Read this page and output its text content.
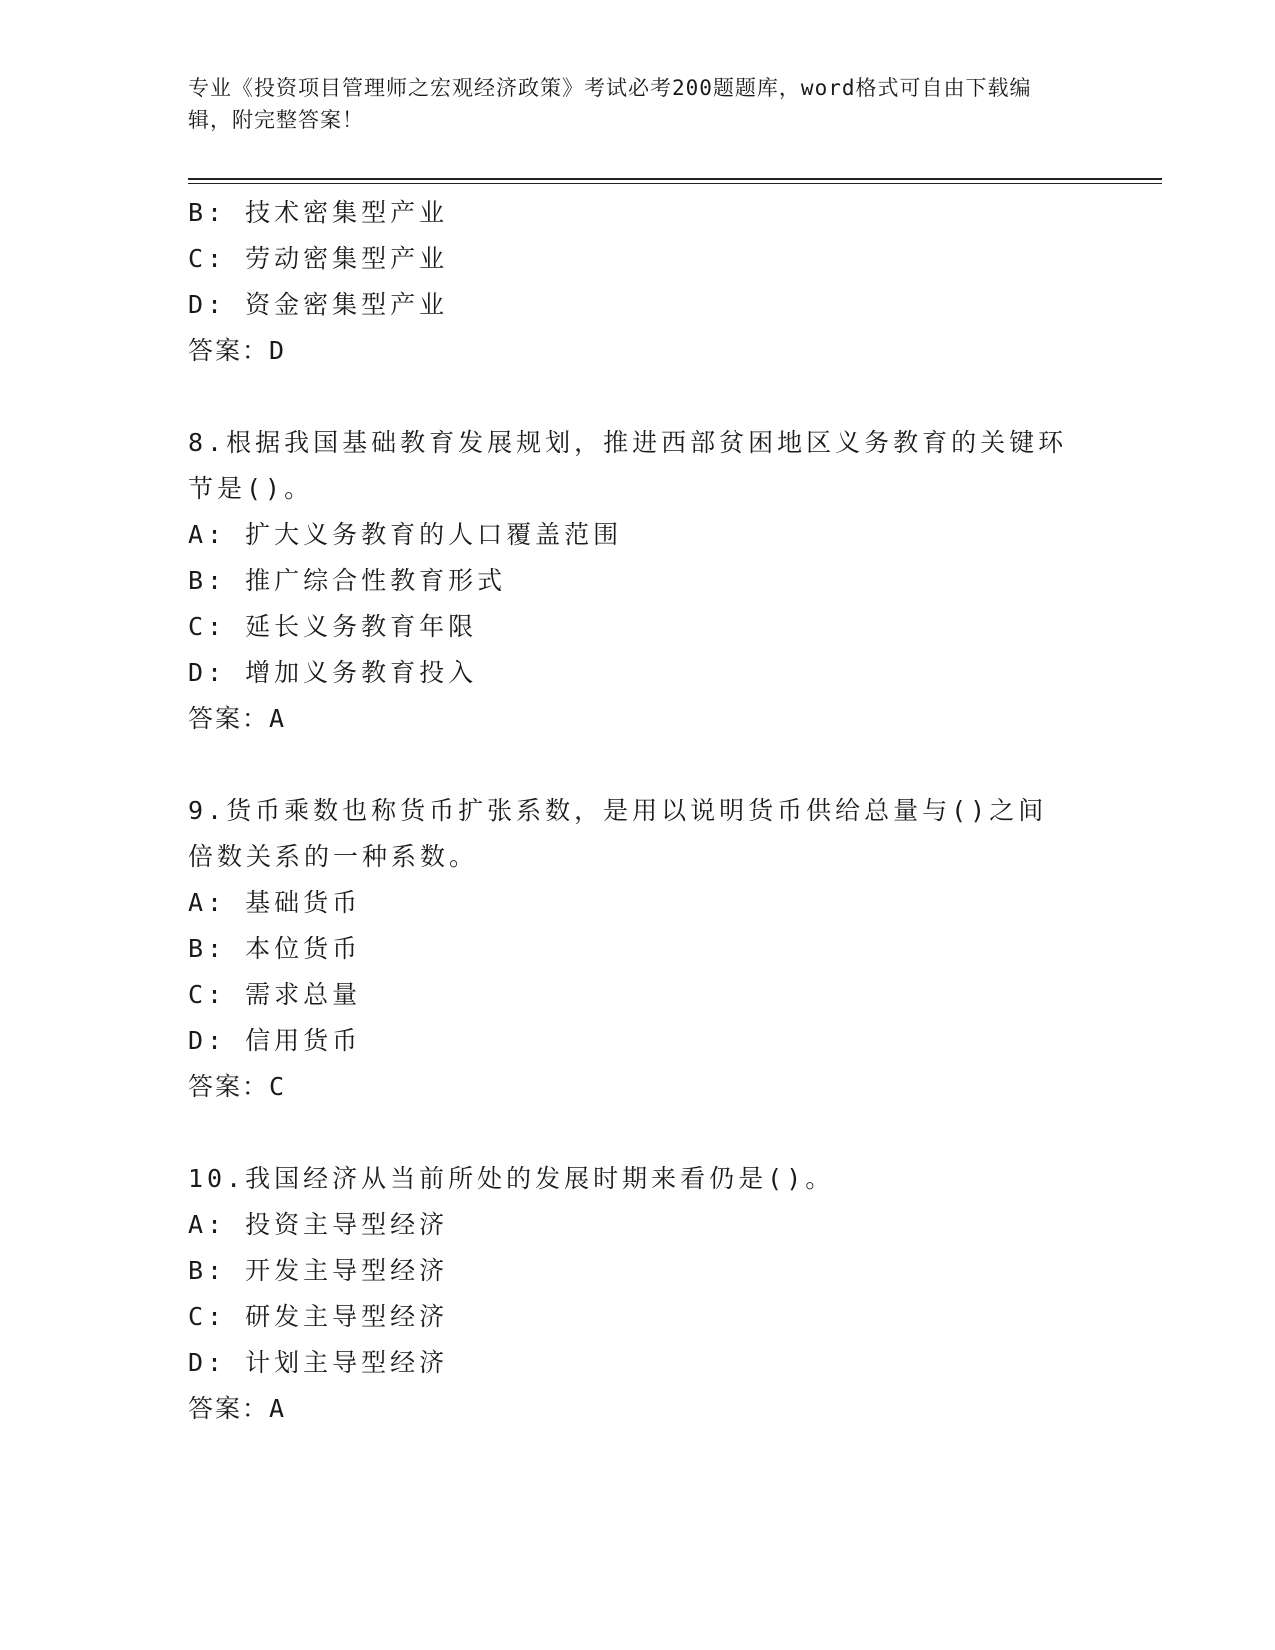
专业《投资项目管理师之宏观经济政策》考试必考200题题库，word格式可自由下载编辑，附完整答案！
B: 技术密集型产业
C: 劳动密集型产业
D: 资金密集型产业
答案：D
8.根据我国基础教育发展规划，推进西部贫困地区义务教育的关键环节是()。
A: 扩大义务教育的人口覆盖范围
B: 推广综合性教育形式
C: 延长义务教育年限
D: 增加义务教育投入
答案：A
9.货币乘数也称货币扩张系数，是用以说明货币供给总量与()之间倍数关系的一种系数。
A: 基础货币
B: 本位货币
C: 需求总量
D: 信用货币
答案：C
10.我国经济从当前所处的发展时期来看仍是()。
A: 投资主导型经济
B: 开发主导型经济
C: 研发主导型经济
D: 计划主导型经济
答案：A
